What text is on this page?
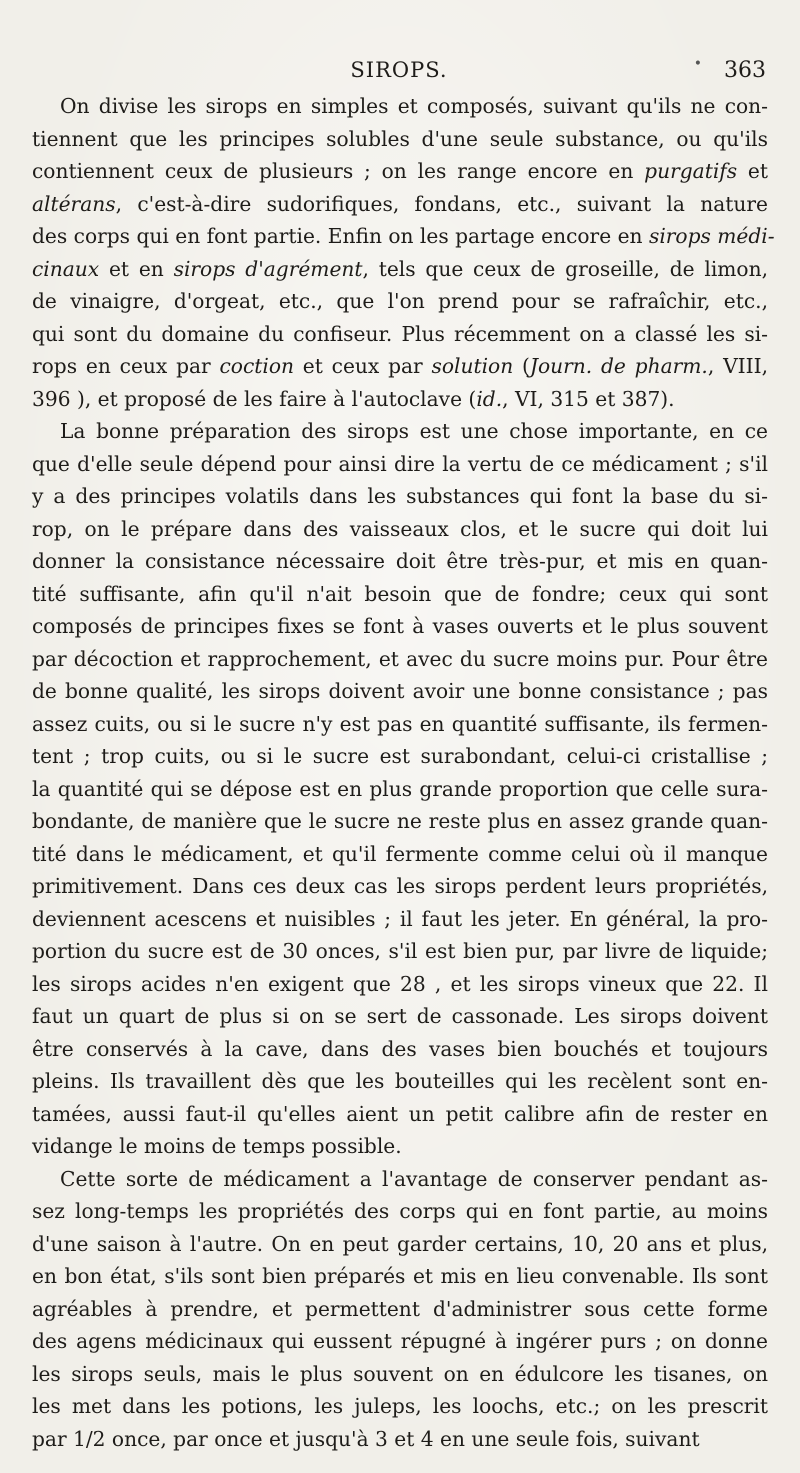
SIROPS.	• 363
On divise les sirops en simples et composés, suivant qu'ils ne con-
tiennent que les principes solubles d'une seule substance, ou qu'ils
contiennent ceux de plusieurs ; on les range encore en purgatifs et
altérans, c'est-à-dire sudorifiques, fondans, etc., suivant la nature
des corps qui en font partie. Enfin on les partage encore en sirops médi-
cinaux et en sirops d'agrément, tels que ceux de groseille, de limon,
de vinaigre, d'orgeat, etc., que l'on prend pour se rafraîchir, etc.,
qui sont du domaine du confiseur. Plus récemment on a classé les si-
rops en ceux par coction et ceux par solution (Journ. de pharm., VIII,
396 ), et proposé de les faire à l'autoclave (id., VI, 315 et 387).
La bonne préparation des sirops est une chose importante, en ce
que d'elle seule dépend pour ainsi dire la vertu de ce médicament ; s'il
y a des principes volatils dans les substances qui font la base du si-
rop, on le prépare dans des vaisseaux clos, et le sucre qui doit lui
donner la consistance nécessaire doit être très-pur, et mis en quan-
tité suffisante, afin qu'il n'ait besoin que de fondre; ceux qui sont
composés de principes fixes se font à vases ouverts et le plus souvent
par décoction et rapprochement, et avec du sucre moins pur. Pour être
de bonne qualité, les sirops doivent avoir une bonne consistance ; pas
assez cuits, ou si le sucre n'y est pas en quantité suffisante, ils fermen-
tent ; trop cuits, ou si le sucre est surabondant, celui-ci cristallise ;
la quantité qui se dépose est en plus grande proportion que celle sura-
bondante, de manière que le sucre ne reste plus en assez grande quan-
tité dans le médicament, et qu'il fermente comme celui où il manque
primitivement. Dans ces deux cas les sirops perdent leurs propriétés,
deviennent acescens et nuisibles ; il faut les jeter. En général, la pro-
portion du sucre est de 30 onces, s'il est bien pur, par livre de liquide;
les sirops acides n'en exigent que 28 , et les sirops vineux que 22. Il
faut un quart de plus si on se sert de cassonade. Les sirops doivent
être conservés à la cave, dans des vases bien bouchés et toujours
pleins. Ils travaillent dès que les bouteilles qui les recèlent sont en-
tamées, aussi faut-il qu'elles aient un petit calibre afin de rester en
vidange le moins de temps possible.
Cette sorte de médicament a l'avantage de conserver pendant as-
sez long-temps les propriétés des corps qui en font partie, au moins
d'une saison à l'autre. On en peut garder certains, 10, 20 ans et plus,
en bon état, s'ils sont bien préparés et mis en lieu convenable. Ils sont
agréables à prendre, et permettent d'administrer sous cette forme
des agens médicinaux qui eussent répugné à ingérer purs ; on donne
les sirops seuls, mais le plus souvent on en édulcore les tisanes, on
les met dans les potions, les juleps, les loochs, etc.; on les prescrit
par 1/2 once, par once et jusqu'à 3 et 4 en une seule fois, suivant
